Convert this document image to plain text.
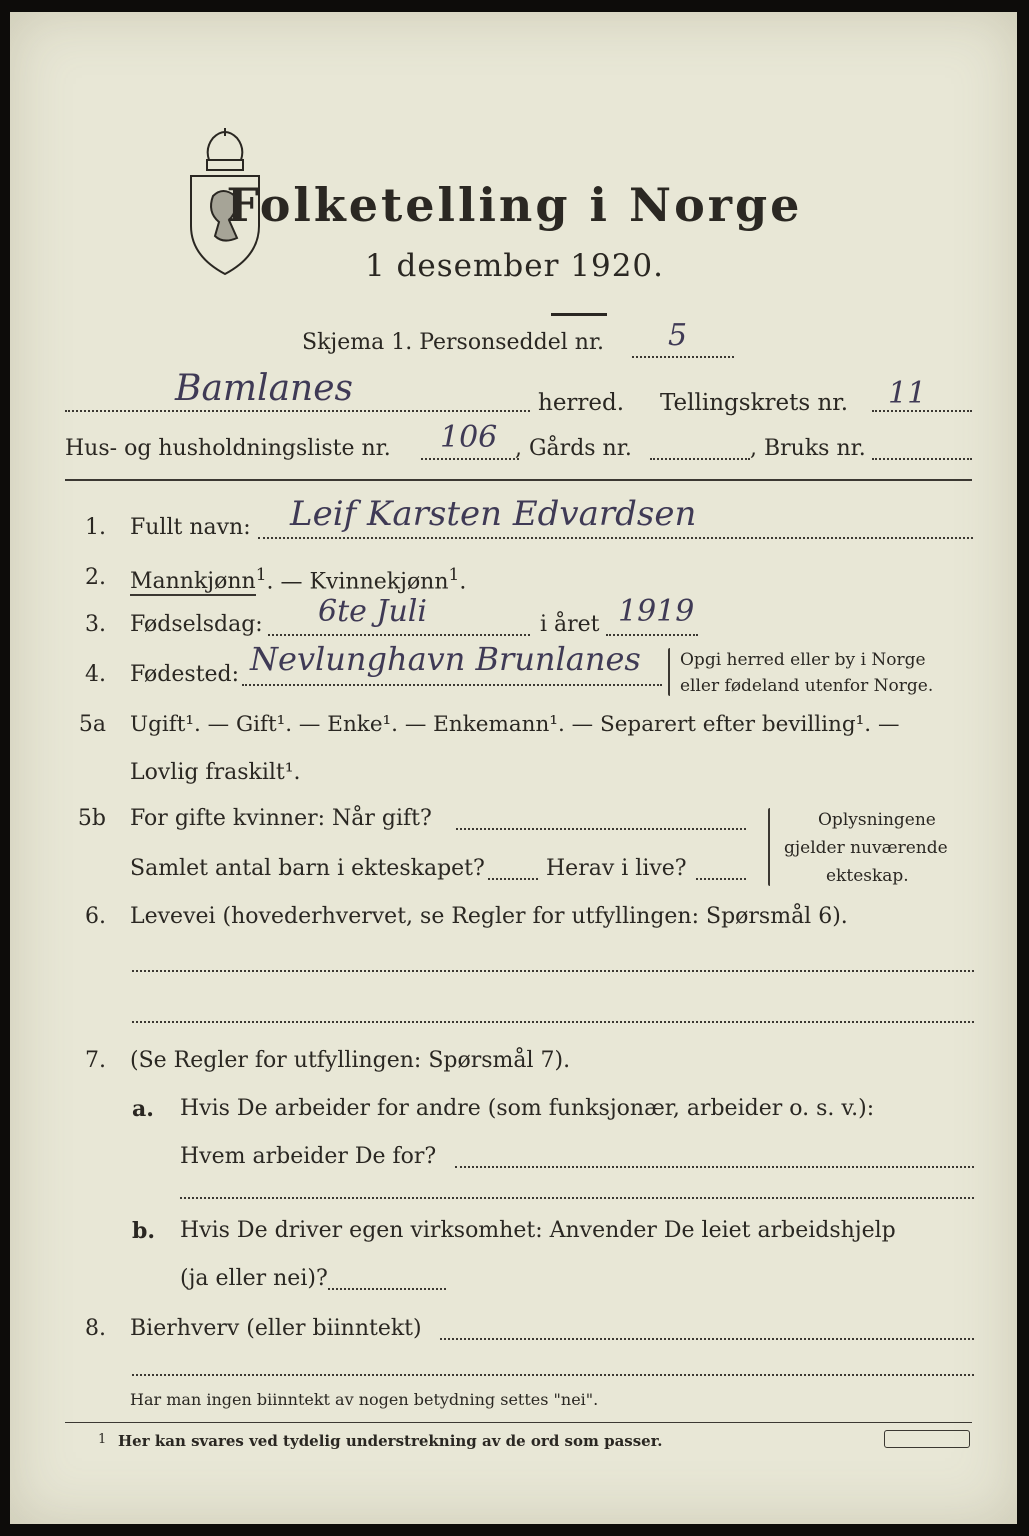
Folketelling i Norge
1 desember 1920.
Skjema 1. Personseddel nr. 5
Bamlanes	herred. Tellingskrets nr. 11
Hus- og husholdningsliste nr. 106 , Gårds nr.	, Bruks nr.
1. Fullt navn: Leif Karsten Edvardsen
2. Mannkjønn$^1$. — Kvinnekjønn$^1$.
3. Fødselsdag: 6te Juli	i året 1919
4. Fødested: Nevlunghavn Brunlanes Opgi herred eller by i Norge
eller fødeland utenfor Norge.
5a Ugift¹. — Gift¹. — Enke¹. — Enkemann¹. — Separert efter bevilling¹. —
Lovlig fraskilt¹.
5b For gifte kvinner: Når gift?
Samlet antal barn i ekteskapet?	Herav i live?
Oplysningene
gjelder nuværende
ekteskap.
6. Levevei (hovederhvervet, se Regler for utfyllingen: Spørsmål 6).
7. (Se Regler for utfyllingen: Spørsmål 7).
a. Hvis De arbeider for andre (som funksjonær, arbeider o. s. v.):
Hvem arbeider De for?
b. Hvis De driver egen virksomhet: Anvender De leiet arbeidshjelp
(ja eller nei)?
8. Bierhverv (eller biinntekt)
Har man ingen biinntekt av nogen betydning settes "nei".
1 Her kan svares ved tydelig understrekning av de ord som passer.
